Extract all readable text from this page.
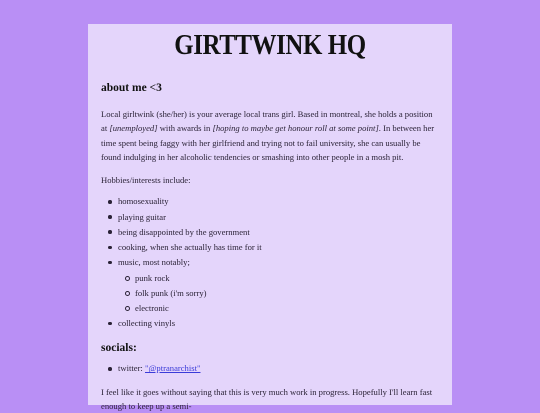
GIRTTWINK HQ
about me <3

Local girltwink (she/her) is your average local trans girl. Based in montreal, she holds a position at [unemployed] with awards in [hoping to maybe get honour roll at some point]. In between her time spent being faggy with her girlfriend and trying not to fail university, she can usually be found indulging in her alcoholic tendencies or smashing into other people in a mosh pit.

Hobbies/interests include:

homosexuality
playing guitar
being disappointed by the government
cooking, when she actually has time for it
music, most notably;
punk rock
folk punk (i'm sorry)
electronic
collecting vinyls
socials:
twitter: "@ptranarchist"

I feel like it goes without saying that this is very much work in progress. Hopefully I'll learn fast enough to keep up a semi-
